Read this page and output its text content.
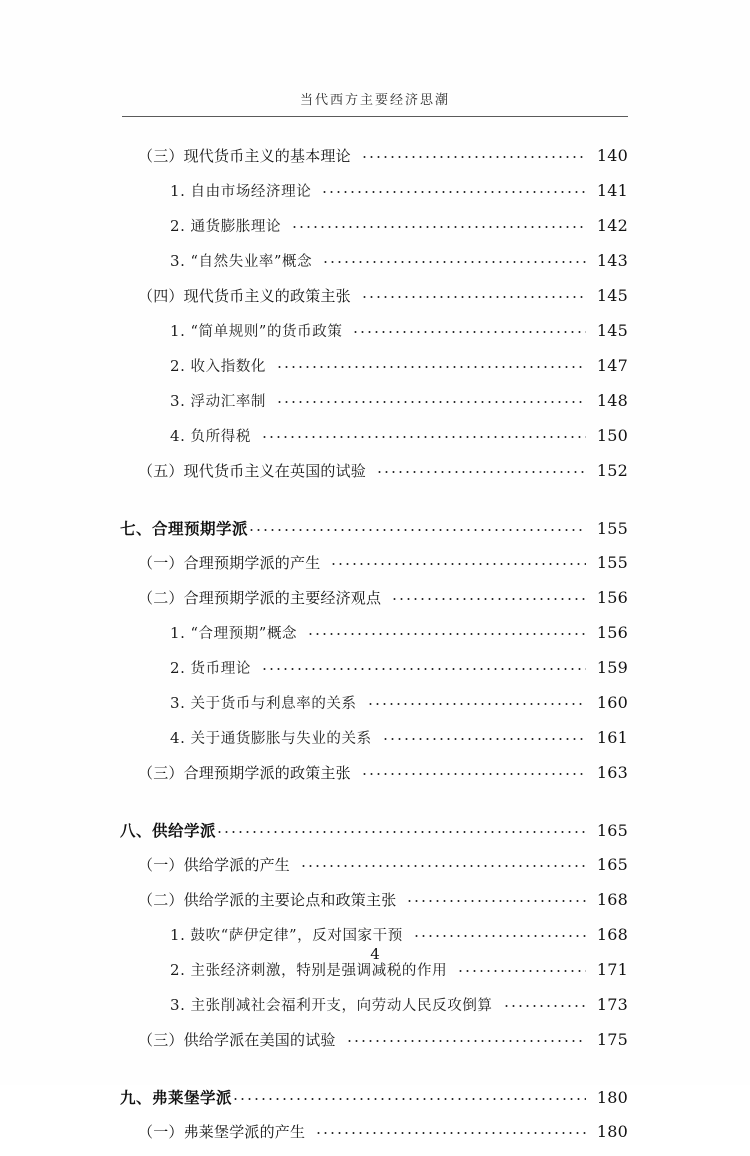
当代西方主要经济思潮
（三）现代货币主义的基本理论	140
1. 自由市场经济理论	141
2. 通货膨胀理论	142
3. “自然失业率”概念	143
（四）现代货币主义的政策主张	145
1. “简单规则”的货币政策	145
2. 收入指数化	147
3. 浮动汇率制	148
4. 负所得税	150
（五）现代货币主义在英国的试验	152
七、合理预期学派	155
（一）合理预期学派的产生	155
（二）合理预期学派的主要经济观点	156
1. “合理预期”概念	156
2. 货币理论	159
3. 关于货币与利息率的关系	160
4. 关于通货膨胀与失业的关系	161
（三）合理预期学派的政策主张	163
八、供给学派	165
（一）供给学派的产生	165
（二）供给学派的主要论点和政策主张	168
1. 鼓吹“萨伊定律”，反对国家干预	168
2. 主张经济刺激，特别是强调减税的作用	171
3. 主张削减社会福利开支，向劳动人民反攻倒算	173
（三）供给学派在美国的试验	175
九、弗莱堡学派	180
（一）弗莱堡学派的产生	180
4
